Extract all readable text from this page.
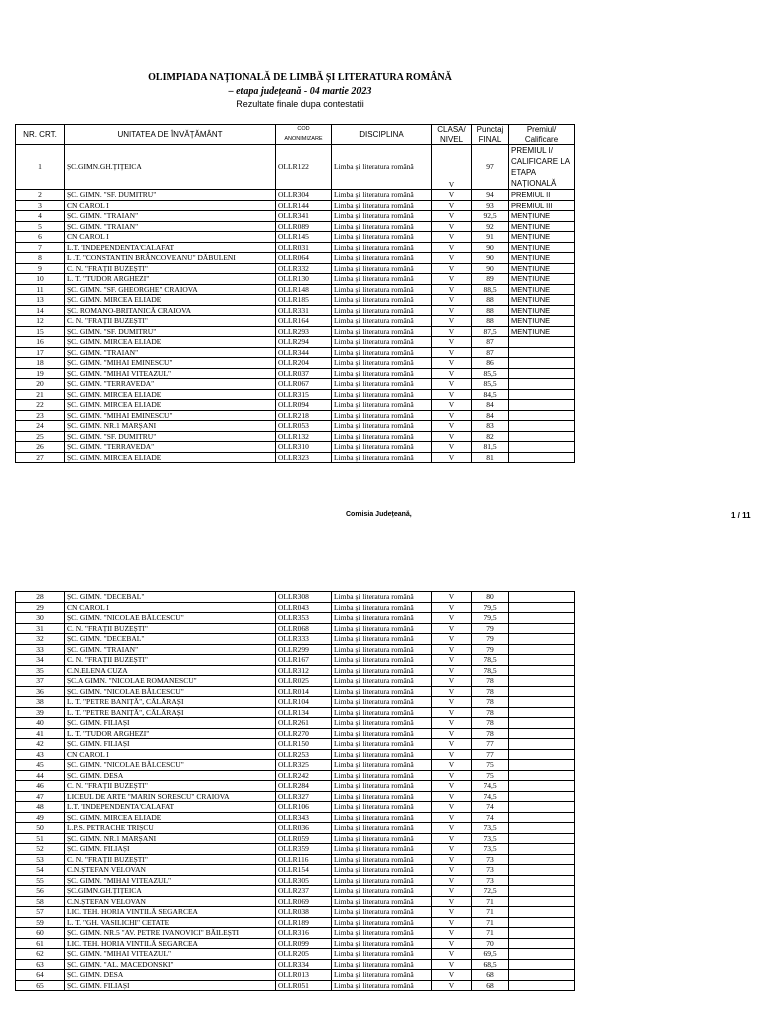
OLIMPIADA NAȚIONALĂ DE LIMBĂ ȘI LITERATURA ROMÂNĂ
– etapa județeană - 04 martie 2023
Rezultate finale dupa contestatii
NR. CRT.	UNITATEA DE ÎNVĂȚĂMÂNT	COD ANONIMIZARE	DISCIPLINA	CLASA/ NIVEL	Punctaj FINAL	Premiul/ Calificare
1	ȘC.GIMN.GH.ȚIȚEICA	OLLR122	Limba și literatura română	V	97	PREMIUL I/ CALIFICARE LA ETAPA NAȚIONALĂ
2	ȘC. GIMN. "SF. DUMITRU"	OLLR304	Limba și literatura română	V	94	PREMIUL II
3	CN CAROL I	OLLR144	Limba și literatura română	V	93	PREMIUL III
4	ȘC. GIMN. "TRAIAN"	OLLR341	Limba și literatura română	V	92,5	MENȚIUNE
5	ȘC. GIMN. "TRAIAN"	OLLR089	Limba și literatura română	V	92	MENȚIUNE
6	CN CAROL I	OLLR145	Limba și literatura română	V	91	MENȚIUNE
7	L.T. 'INDEPENDENTA'CALAFAT	OLLR031	Limba și literatura română	V	90	MENȚIUNE
8	L .T. "CONSTANTIN BRÂNCOVEANU" DĂBULENI	OLLR064	Limba și literatura română	V	90	MENȚIUNE
9	C. N. "FRAȚII BUZEȘTI"	OLLR332	Limba și literatura română	V	90	MENȚIUNE
10	L. T. "TUDOR ARGHEZI"	OLLR130	Limba și literatura română	V	89	MENȚIUNE
11	ȘC. GIMN. "SF. GHEORGHE" CRAIOVA	OLLR148	Limba și literatura română	V	88,5	MENȚIUNE
13	ȘC. GIMN. MIRCEA ELIADE	OLLR185	Limba și literatura română	V	88	MENȚIUNE
14	ȘC. ROMANO-BRITANICĂ CRAIOVA	OLLR331	Limba și literatura română	V	88	MENȚIUNE
12	C. N. "FRAȚII BUZEȘTI"	OLLR164	Limba și literatura română	V	88	MENȚIUNE
15	ȘC. GIMN. "SF. DUMITRU"	OLLR293	Limba și literatura română	V	87,5	MENȚIUNE
16	ȘC. GIMN. MIRCEA ELIADE	OLLR294	Limba și literatura română	V	87	
17	ȘC. GIMN. "TRAIAN"	OLLR344	Limba și literatura română	V	87	
18	ȘC. GIMN. "MIHAI EMINESCU"	OLLR204	Limba și literatura română	V	86	
19	ȘC. GIMN. "MIHAI VITEAZUL"	OLLR037	Limba și literatura română	V	85,5	
20	ȘC. GIMN. "TERRAVEDA"	OLLR067	Limba și literatura română	V	85,5	
21	ȘC. GIMN. MIRCEA ELIADE	OLLR315	Limba și literatura română	V	84,5	
22	ȘC. GIMN. MIRCEA ELIADE	OLLR094	Limba și literatura română	V	84	
23	ȘC. GIMN. "MIHAI EMINESCU"	OLLR218	Limba și literatura română	V	84	
24	ȘC. GIMN. NR.1 MARȘANI	OLLR053	Limba și literatura română	V	83	
25	ȘC. GIMN. "SF. DUMITRU"	OLLR132	Limba și literatura română	V	82	
26	ȘC. GIMN. "TERRAVEDA"	OLLR310	Limba și literatura română	V	81,5	
27	ȘC. GIMN. MIRCEA ELIADE	OLLR323	Limba și literatura română	V	81	
Comisia Județeană,	1 / 11
28	ȘC. GIMN. "DECEBAL"	OLLR308	Limba și literatura română	V	80	
29	CN CAROL I	OLLR043	Limba și literatura română	V	79,5	
30	ȘC. GIMN. "NICOLAE BĂLCESCU"	OLLR353	Limba și literatura română	V	79,5	
31	C. N. "FRAȚII BUZEȘTI"	OLLR068	Limba și literatura română	V	79	
32	ȘC. GIMN. "DECEBAL"	OLLR333	Limba și literatura română	V	79	
33	ȘC. GIMN. "TRAIAN"	OLLR299	Limba și literatura română	V	79	
34	C. N. "FRAȚII BUZEȘTI"	OLLR167	Limba și literatura română	V	78,5	
35	C.N.ELENA CUZA	OLLR312	Limba și literatura română	V	78,5	
37	ȘC.A GIMN. "NICOLAE ROMANESCU"	OLLR025	Limba și literatura română	V	78	
36	ȘC. GIMN. "NICOLAE BĂLCESCU"	OLLR014	Limba și literatura română	V	78	
38	L. T. "PETRE BANIȚĂ", CĂLĂRAȘI	OLLR104	Limba și literatura română	V	78	
39	L. T. "PETRE BANIȚĂ", CĂLĂRAȘI	OLLR134	Limba și literatura română	V	78	
40	ȘC. GIMN. FILIAȘI	OLLR261	Limba și literatura română	V	78	
41	L. T. "TUDOR ARGHEZI"	OLLR270	Limba și literatura română	V	78	
42	ȘC. GIMN. FILIAȘI	OLLR150	Limba și literatura română	V	77	
43	CN CAROL I	OLLR253	Limba și literatura română	V	77	
45	ȘC. GIMN. "NICOLAE BĂLCESCU"	OLLR325	Limba și literatura română	V	75	
44	ȘC. GIMN. DESA	OLLR242	Limba și literatura română	V	75	
46	C. N. "FRAȚII BUZEȘTI"	OLLR284	Limba și literatura română	V	74,5	
47	LICEUL DE ARTE "MARIN SORESCU" CRAIOVA	OLLR327	Limba și literatura română	V	74,5	
48	L.T. 'INDEPENDENTA'CALAFAT	OLLR106	Limba și literatura română	V	74	
49	ȘC. GIMN. MIRCEA ELIADE	OLLR343	Limba și literatura română	V	74	
50	L.P.S. PETRACHE TRIȘCU	OLLR036	Limba și literatura română	V	73,5	
51	ȘC. GIMN. NR.1 MARȘANI	OLLR059	Limba și literatura română	V	73,5	
52	ȘC. GIMN. FILIAȘI	OLLR359	Limba și literatura română	V	73,5	
53	C. N. "FRAȚII BUZEȘTI"	OLLR116	Limba și literatura română	V	73	
54	C.N.ȘTEFAN VELOVAN	OLLR154	Limba și literatura română	V	73	
55	ȘC. GIMN. "MIHAI VITEAZUL"	OLLR305	Limba și literatura română	V	73	
56	ȘC.GIMN.GH.ȚIȚEICA	OLLR237	Limba și literatura română	V	72,5	
58	C.N.ȘTEFAN VELOVAN	OLLR069	Limba și literatura română	V	71	
57	LIC. TEH. HORIA VINTILĂ SEGARCEA	OLLR038	Limba și literatura română	V	71	
59	L. T. "GH. VASILICHI" CETATE	OLLR189	Limba și literatura română	V	71	
60	ȘC. GIMN. NR.5 "AV. PETRE IVANOVICI" BĂILEȘTI	OLLR316	Limba și literatura română	V	71	
61	LIC. TEH. HORIA VINTILĂ SEGARCEA	OLLR099	Limba și literatura română	V	70	
62	ȘC. GIMN. "MIHAI VITEAZUL"	OLLR205	Limba și literatura română	V	69,5	
63	ȘC. GIMN. "AL. MACEDONSKI"	OLLR334	Limba și literatura română	V	68,5	
64	ȘC. GIMN. DESA	OLLR013	Limba și literatura română	V	68	
65	ȘC. GIMN. FILIAȘI	OLLR051	Limba și literatura română	V	68	
